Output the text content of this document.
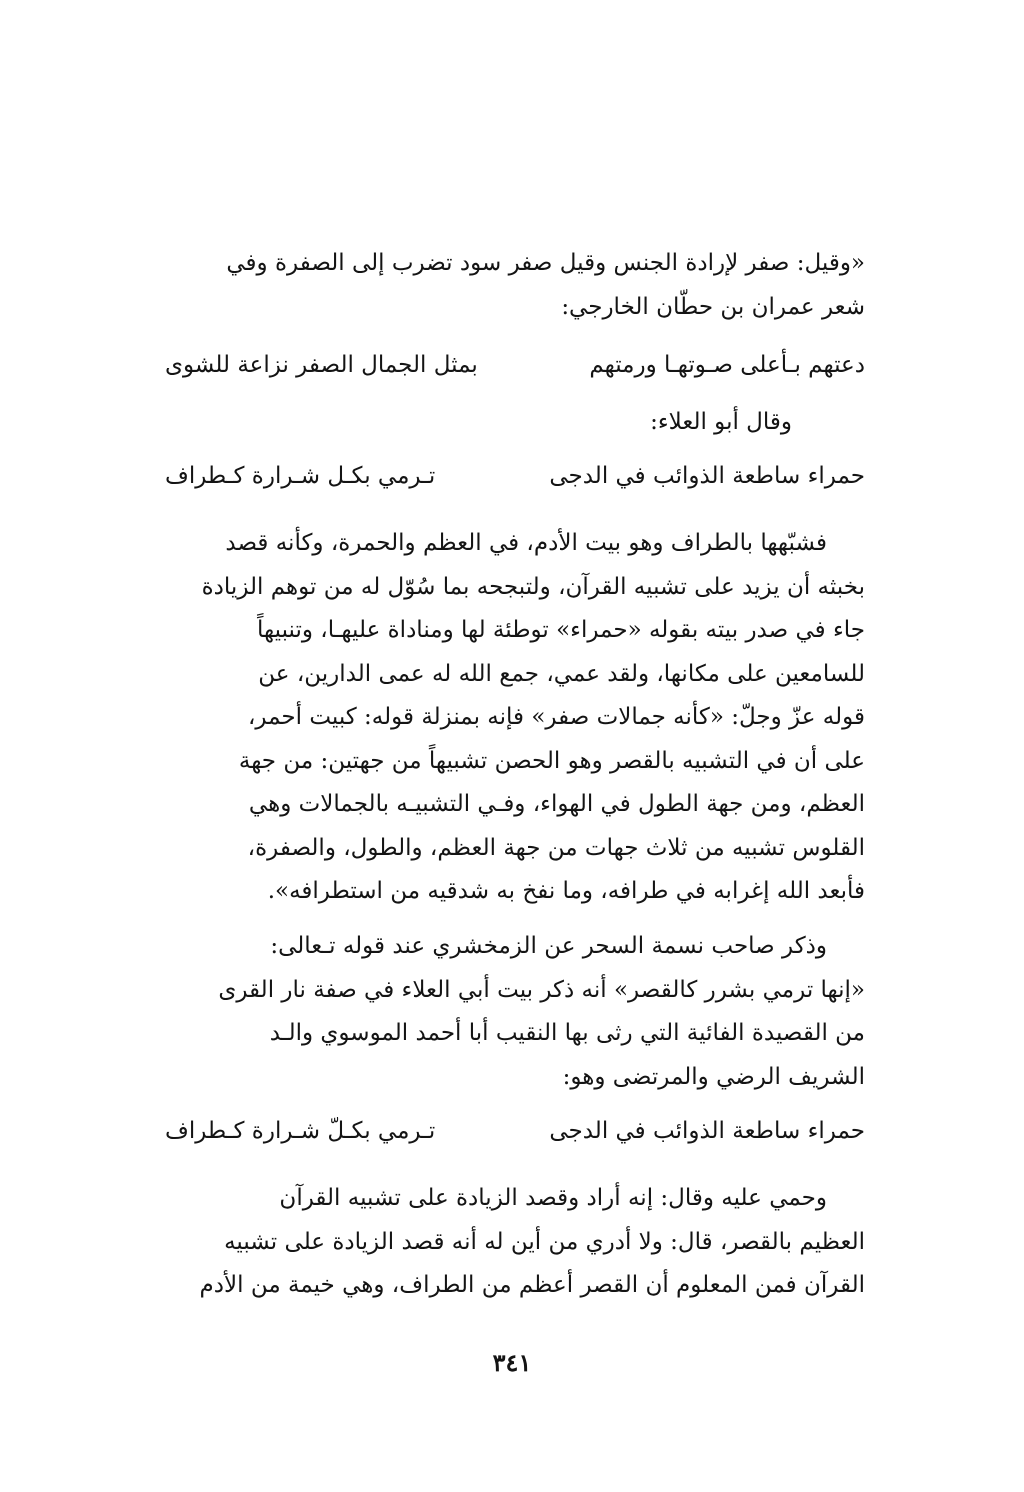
«وقيل: صفر لإرادة الجنس وقيل صفر سود تضرب إلى الصفرة وفي
شعر عمران بن حطّان الخارجي:
دعتهم بـأعلى صـوتهـا ورمتهم
بمثل الجمال الصفر نزاعة للشوى
وقال أبو العلاء:
حمراء ساطعة الذوائب في الدجى
تـرمي بكـل شـرارة كـطراف
فشبّهها بالطراف وهو بيت الأدم، في العظم والحمرة، وكأنه قصد
بخبثه أن يزيد على تشبيه القرآن، ولتبجحه بما سُوّل له من توهم الزيادة
جاء في صدر بيته بقوله «حمراء» توطئة لها ومناداة عليهـا، وتنبيهاً
للسامعين على مكانها، ولقد عمي، جمع الله له عمى الدارين، عن
قوله عزّ وجلّ: «كأنه جمالات صفر» فإنه بمنزلة قوله: كبيت أحمر،
على أن في التشبيه بالقصر وهو الحصن تشبيهاً من جهتين: من جهة
العظم، ومن جهة الطول في الهواء، وفـي التشبيـه بالجمالات وهي
القلوس تشبيه من ثلاث جهات من جهة العظم، والطول، والصفرة،
فأبعد الله إغرابه في طرافه، وما نفخ به شدقيه من استطرافه».
وذكر صاحب نسمة السحر عن الزمخشري عند قوله تـعالى:
«إنها ترمي بشرر كالقصر» أنه ذكر بيت أبي العلاء في صفة نار القرى
من القصيدة الفائية التي رثى بها النقيب أبا أحمد الموسوي والـد
الشريف الرضي والمرتضى وهو:
حمراء ساطعة الذوائب في الدجى
تـرمي بكـلّ شـرارة كـطراف
وحمي عليه وقال: إنه أراد وقصد الزيادة على تشبيه القرآن
العظيم بالقصر، قال: ولا أدري من أين له أنه قصد الزيادة على تشبيه
القرآن فمن المعلوم أن القصر أعظم من الطراف، وهي خيمة من الأدم
٣٤١
